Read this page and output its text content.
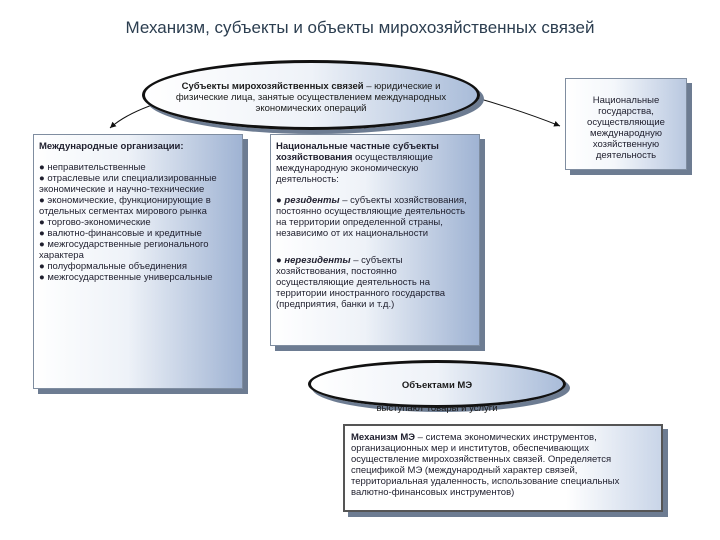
Механизм, субъекты и объекты мирохозяйственных связей

Субъекты мирохозяйственных связей – юридические и физические лица, занятые осуществлением международных экономических операций

Национальные государства, осуществляющие международную хозяйственную деятельность

Международные организации:

● неправительственные

● отраслевые или специализированные экономические и научно-технические

● экономические, функционирующие в отдельных сегментах мирового рынка

● торгово-экономические

● валютно-финансовые и кредитные

● межгосударственные регионального характера

● полуформальные объединения

● межгосударственные универсальные

Национальные частные субъекты хозяйствования осуществляющие международную экономическую деятельность:

● резиденты – субъекты хозяйствования, постоянно осуществляющие деятельность на территории определенной страны, независимо от их национальности

● нерезиденты – субъекты хозяйствования, постоянно осуществляющие деятельность на территории иностранного государства (предприятия, банки и т.д.)

Объектами МЭ

выступают товары и услуги

Механизм МЭ – система экономических инструментов, организационных мер и институтов, обеспечивающих осуществление мирохозяйственных связей. Определяется спецификой МЭ (международный характер связей, территориальная удаленность, использование специальных валютно-финансовых инструментов)
